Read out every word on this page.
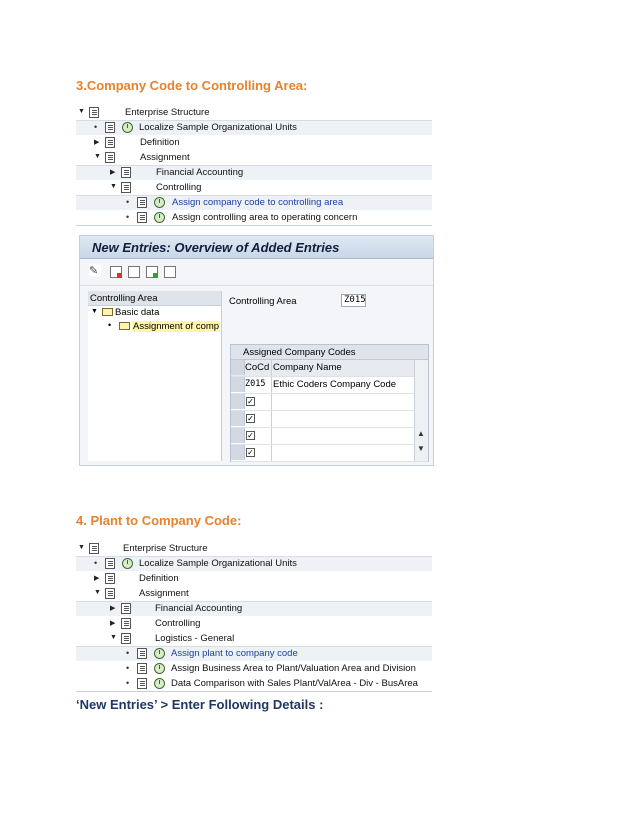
3.Company Code to Controlling Area:
▼	Enterprise Structure
•	Localize Sample Organizational Units
▶	Definition
▼	Assignment
▶	Financial Accounting
▼	Controlling
•	Assign company code to controlling area
•	Assign controlling area to operating concern
New Entries: Overview of Added Entries
✎
Controlling Area
▼ Basic data
• Assignment of comp
Controlling Area	Z015
Assigned Company Codes
CoCd Company Name
Z015 Ethic Coders Company Code
✓
✓
✓
✓
▲
▼
4. Plant to Company Code:
▼	Enterprise Structure
•	Localize Sample Organizational Units
▶	Definition
▼	Assignment
▶	Financial Accounting
▶	Controlling
▼	Logistics - General
•	Assign plant to company code
•	Assign Business Area to Plant/Valuation Area and Division
•	Data Comparison with Sales Plant/ValArea - Div - BusArea
‘New Entries’ > Enter Following Details :
